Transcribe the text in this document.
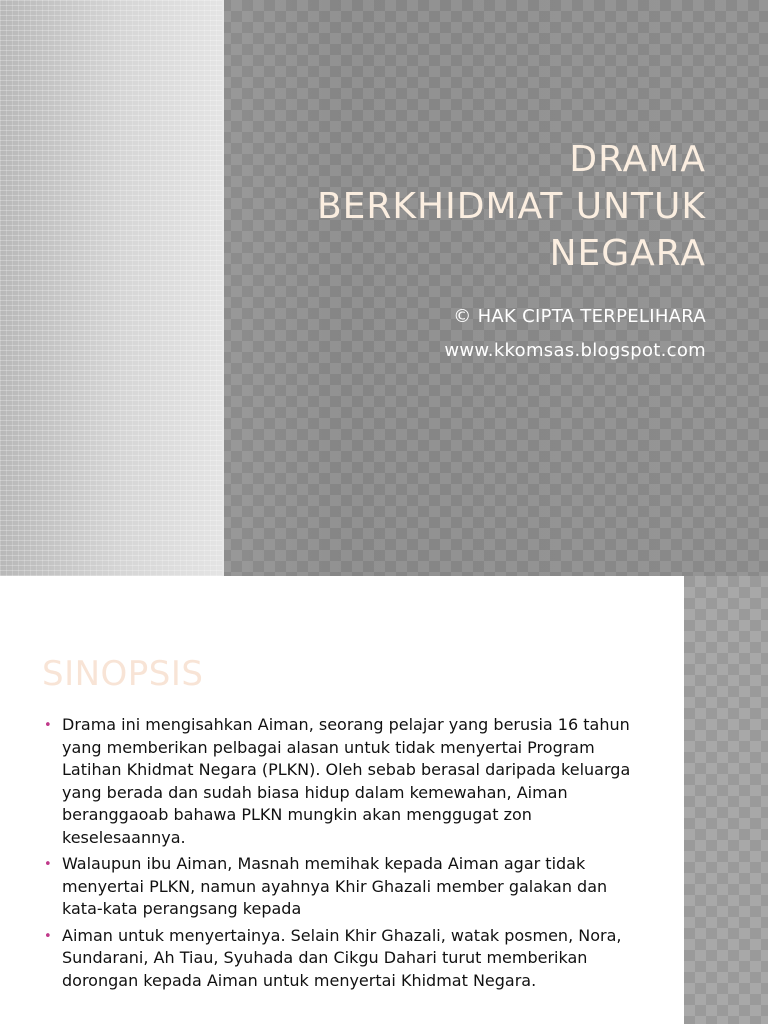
DRAMA
BERKHIDMAT UNTUK
NEGARA
© HAK CIPTA TERPELIHARA
www.kkomsas.blogspot.com
SINOPSIS
• Drama ini mengisahkan Aiman, seorang pelajar yang berusia 16 tahun yang memberikan pelbagai alasan untuk tidak menyertai Program Latihan Khidmat Negara (PLKN). Oleh sebab berasal daripada keluarga yang berada dan sudah biasa hidup dalam kemewahan, Aiman beranggaoab bahawa PLKN mungkin akan menggugat zon keselesaannya.
• Walaupun ibu Aiman, Masnah memihak kepada Aiman agar tidak menyertai PLKN, namun ayahnya Khir Ghazali member galakan dan kata-kata perangsang kepada
• Aiman untuk menyertainya. Selain Khir Ghazali, watak posmen, Nora, Sundarani, Ah Tiau, Syuhada dan Cikgu Dahari turut memberikan dorongan kepada Aiman untuk menyertai Khidmat Negara.
